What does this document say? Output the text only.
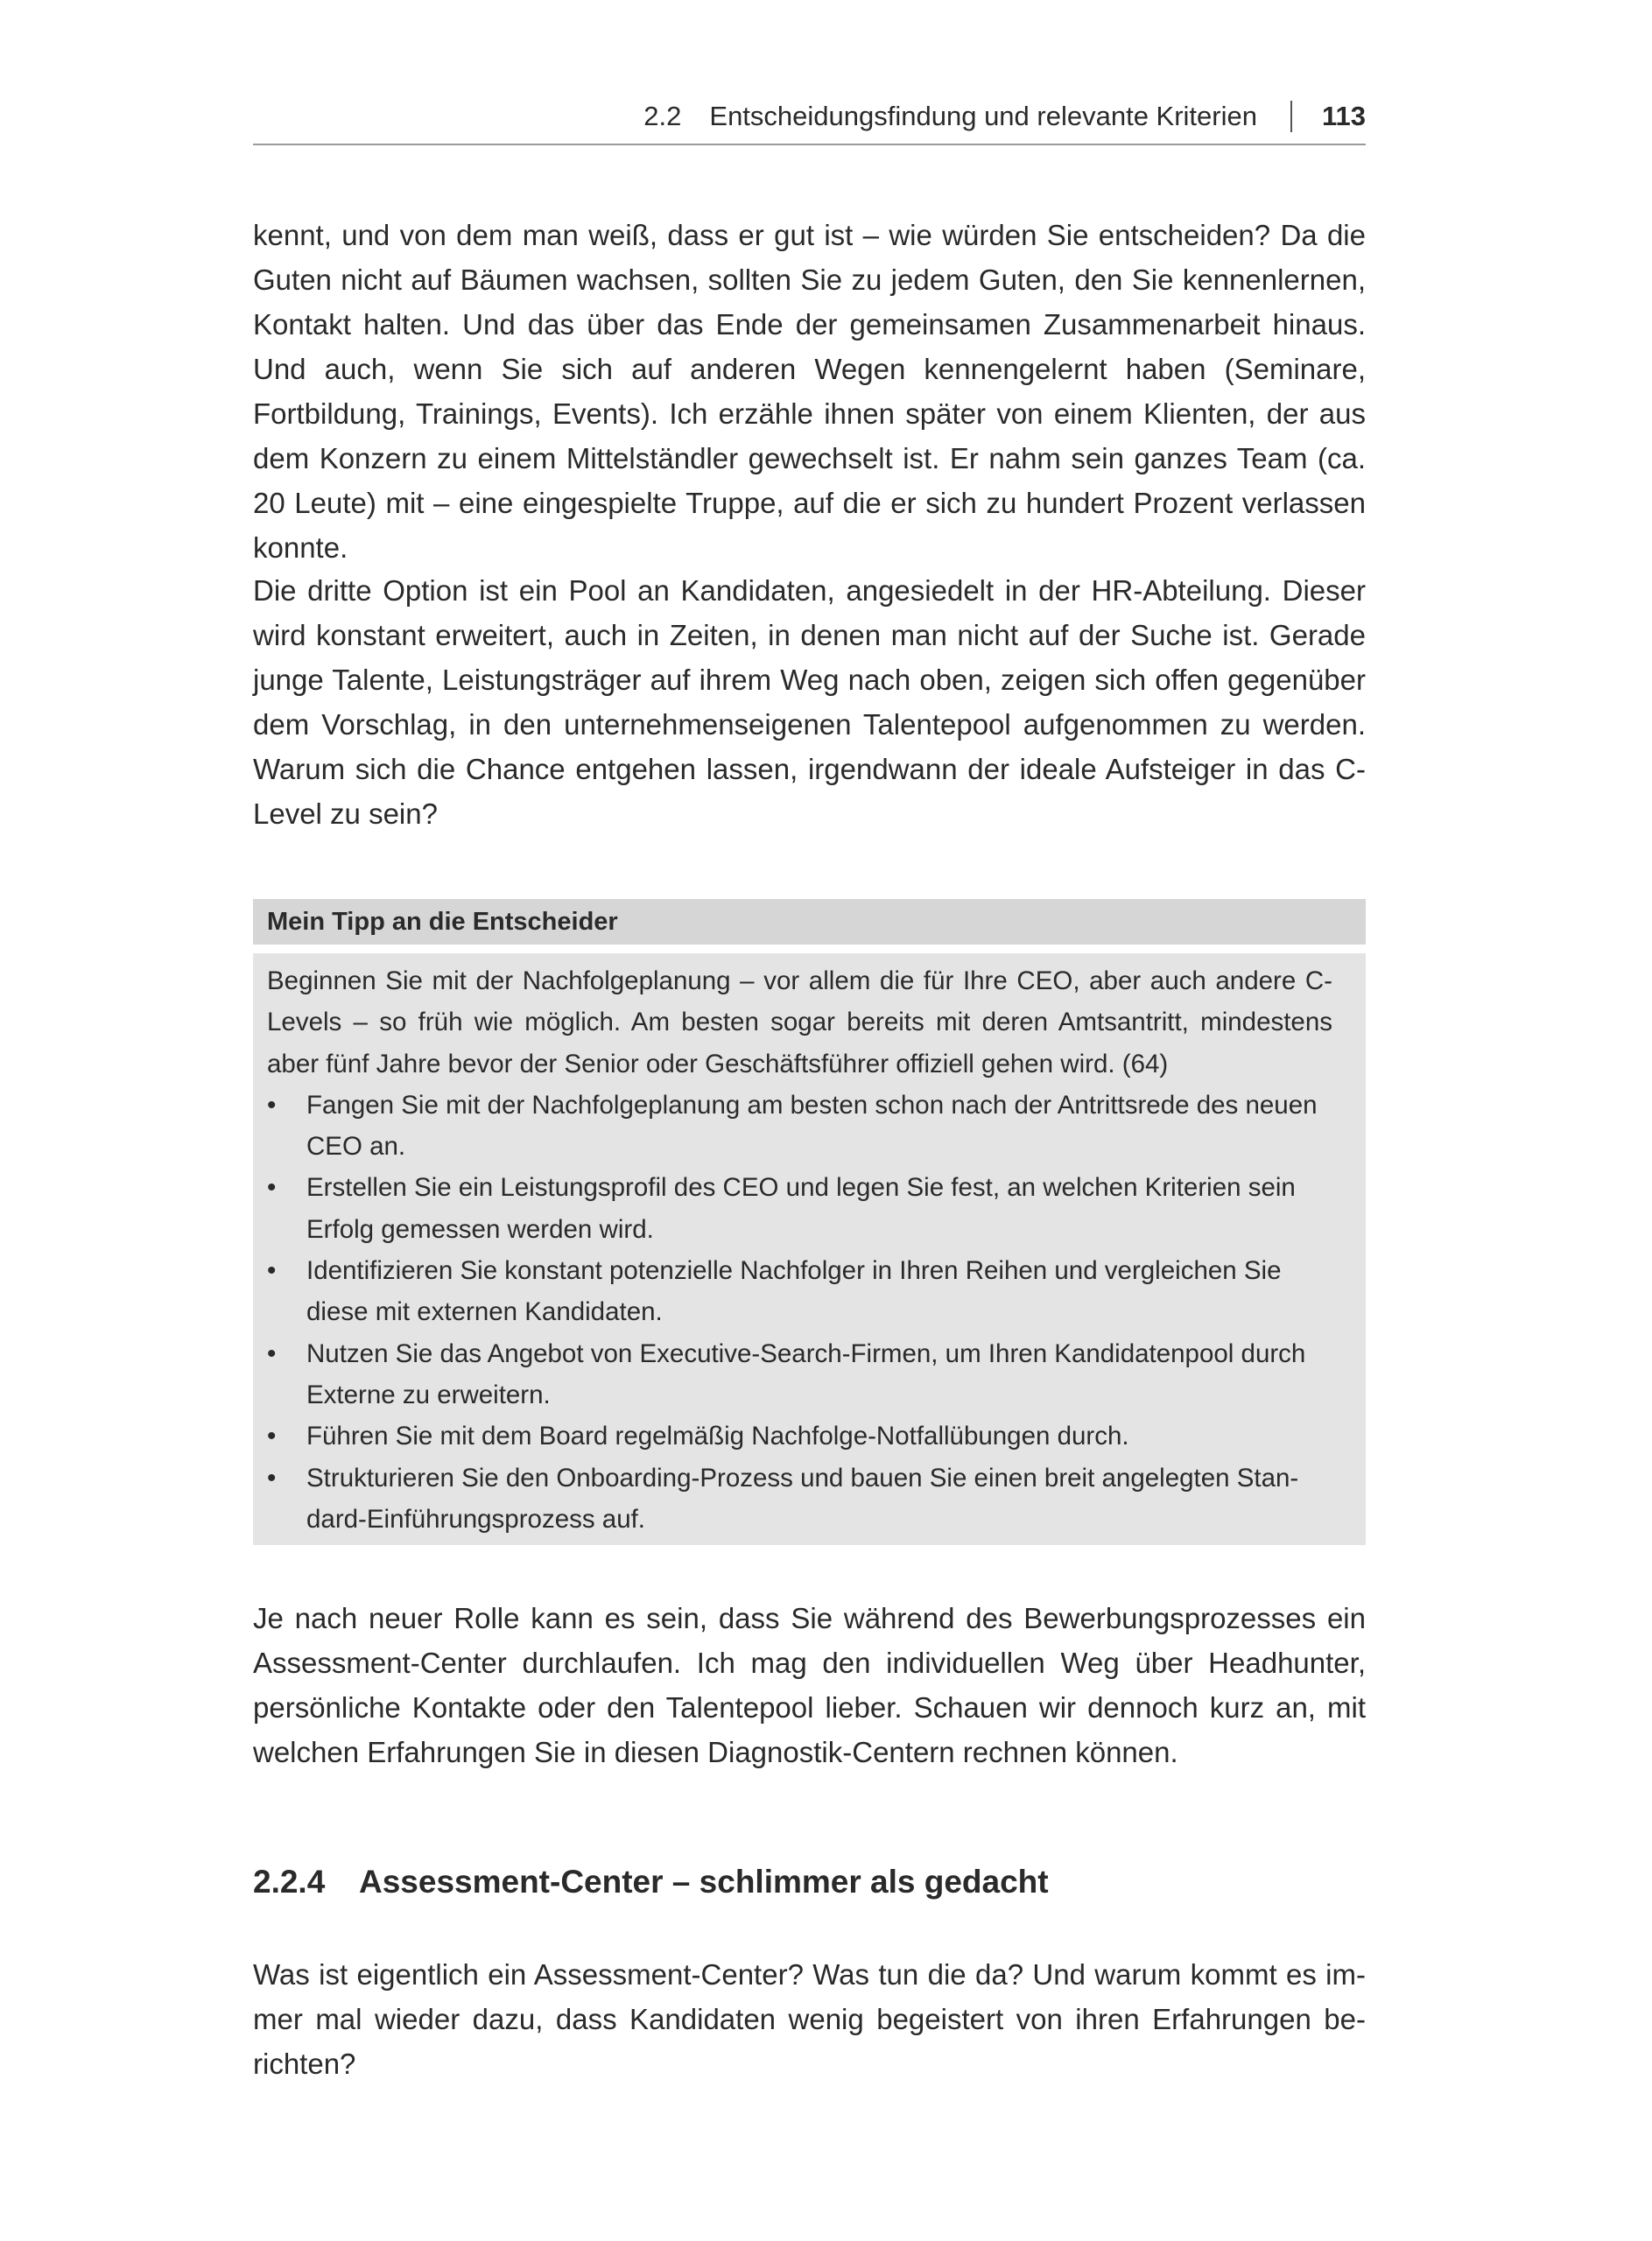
2.2 Entscheidungsfindung und relevante Kriterien 113

kennt, und von dem man weiß, dass er gut ist – wie würden Sie entscheiden? Da die Guten nicht auf Bäumen wachsen, sollten Sie zu jedem Guten, den Sie kennenlernen, Kontakt halten. Und das über das Ende der gemeinsamen Zusammenarbeit hinaus. Und auch, wenn Sie sich auf anderen Wegen kennengelernt haben (Seminare, Fortbildung, Trainings, Events). Ich erzähle ihnen später von einem Klienten, der aus dem Konzern zu einem Mittelständler gewechselt ist. Er nahm sein ganzes Team (ca. 20 Leute) mit – eine eingespielte Truppe, auf die er sich zu hundert Prozent verlassen konnte.

Die dritte Option ist ein Pool an Kandidaten, angesiedelt in der HR-Abteilung. Dieser wird konstant erweitert, auch in Zeiten, in denen man nicht auf der Suche ist. Gerade junge Talente, Leistungsträger auf ihrem Weg nach oben, zeigen sich offen gegenüber dem Vorschlag, in den unternehmenseigenen Talentepool aufgenommen zu werden. Warum sich die Chance entgehen lassen, irgendwann der ideale Aufsteiger in das C-Level zu sein?

Mein Tipp an die Entscheider

Beginnen Sie mit der Nachfolgeplanung – vor allem die für Ihre CEO, aber auch andere C-Levels – so früh wie möglich. Am besten sogar bereits mit deren Amtsantritt, mindestens aber fünf Jahre bevor der Senior oder Geschäftsführer offiziell gehen wird. (64)

• Fangen Sie mit der Nachfolgeplanung am besten schon nach der Antrittsrede des neuen CEO an.
• Erstellen Sie ein Leistungsprofil des CEO und legen Sie fest, an welchen Kriterien sein Erfolg gemessen werden wird.
• Identifizieren Sie konstant potenzielle Nachfolger in Ihren Reihen und vergleichen Sie diese mit externen Kandidaten.
• Nutzen Sie das Angebot von Executive-Search-Firmen, um Ihren Kandidatenpool durch Externe zu erweitern.
• Führen Sie mit dem Board regelmäßig Nachfolge-Notfallübungen durch.
• Strukturieren Sie den Onboarding-Prozess und bauen Sie einen breit angelegten Standard-Einführungsprozess auf.

Je nach neuer Rolle kann es sein, dass Sie während des Bewerbungsprozesses ein Assessment-Center durchlaufen. Ich mag den individuellen Weg über Headhunter, persönliche Kontakte oder den Talentepool lieber. Schauen wir dennoch kurz an, mit welchen Erfahrungen Sie in diesen Diagnostik-Centern rechnen können.

2.2.4	Assessment-Center – schlimmer als gedacht

Was ist eigentlich ein Assessment-Center? Was tun die da? Und warum kommt es immer mal wieder dazu, dass Kandidaten wenig begeistert von ihren Erfahrungen berichten?
